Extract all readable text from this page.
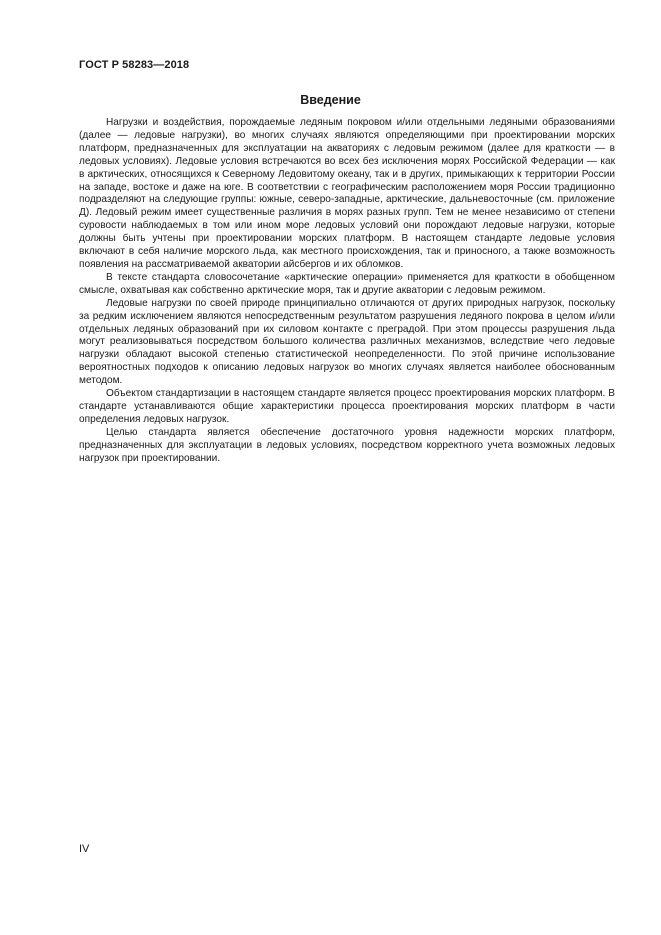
ГОСТ Р 58283—2018
Введение

Нагрузки и воздействия, порождаемые ледяным покровом и/или отдельными ледяными образованиями (далее — ледовые нагрузки), во многих случаях являются определяющими при проектировании морских платформ, предназначенных для эксплуатации на акваториях с ледовым режимом (далее для краткости — в ледовых условиях). Ледовые условия встречаются во всех без исключения морях Российской Федерации — как в арктических, относящихся к Северному Ледовитому океану, так и в других, примыкающих к территории России на западе, востоке и даже на юге. В соответствии с географическим расположением моря России традиционно подразделяют на следующие группы: южные, северо-западные, арктические, дальневосточные (см. приложение Д). Ледовый режим имеет существенные различия в морях разных групп. Тем не менее независимо от степени суровости наблюдаемых в том или ином море ледовых условий они порождают ледовые нагрузки, которые должны быть учтены при проектировании морских платформ. В настоящем стандарте ледовые условия включают в себя наличие морского льда, как местного происхождения, так и приносного, а также возможность появления на рассматриваемой акватории айсбергов и их обломков.

В тексте стандарта словосочетание «арктические операции» применяется для краткости в обобщенном смысле, охватывая как собственно арктические моря, так и другие акватории с ледовым режимом.

Ледовые нагрузки по своей природе принципиально отличаются от других природных нагрузок, поскольку за редким исключением являются непосредственным результатом разрушения ледяного покрова в целом и/или отдельных ледяных образований при их силовом контакте с преградой. При этом процессы разрушения льда могут реализовываться посредством большого количества различных механизмов, вследствие чего ледовые нагрузки обладают высокой степенью статистической неопределенности. По этой причине использование вероятностных подходов к описанию ледовых нагрузок во многих случаях является наиболее обоснованным методом.

Объектом стандартизации в настоящем стандарте является процесс проектирования морских платформ. В стандарте устанавливаются общие характеристики процесса проектирования морских платформ в части определения ледовых нагрузок.

Целью стандарта является обеспечение достаточного уровня надежности морских платформ, предназначенных для эксплуатации в ледовых условиях, посредством корректного учета возможных ледовых нагрузок при проектировании.

IV
